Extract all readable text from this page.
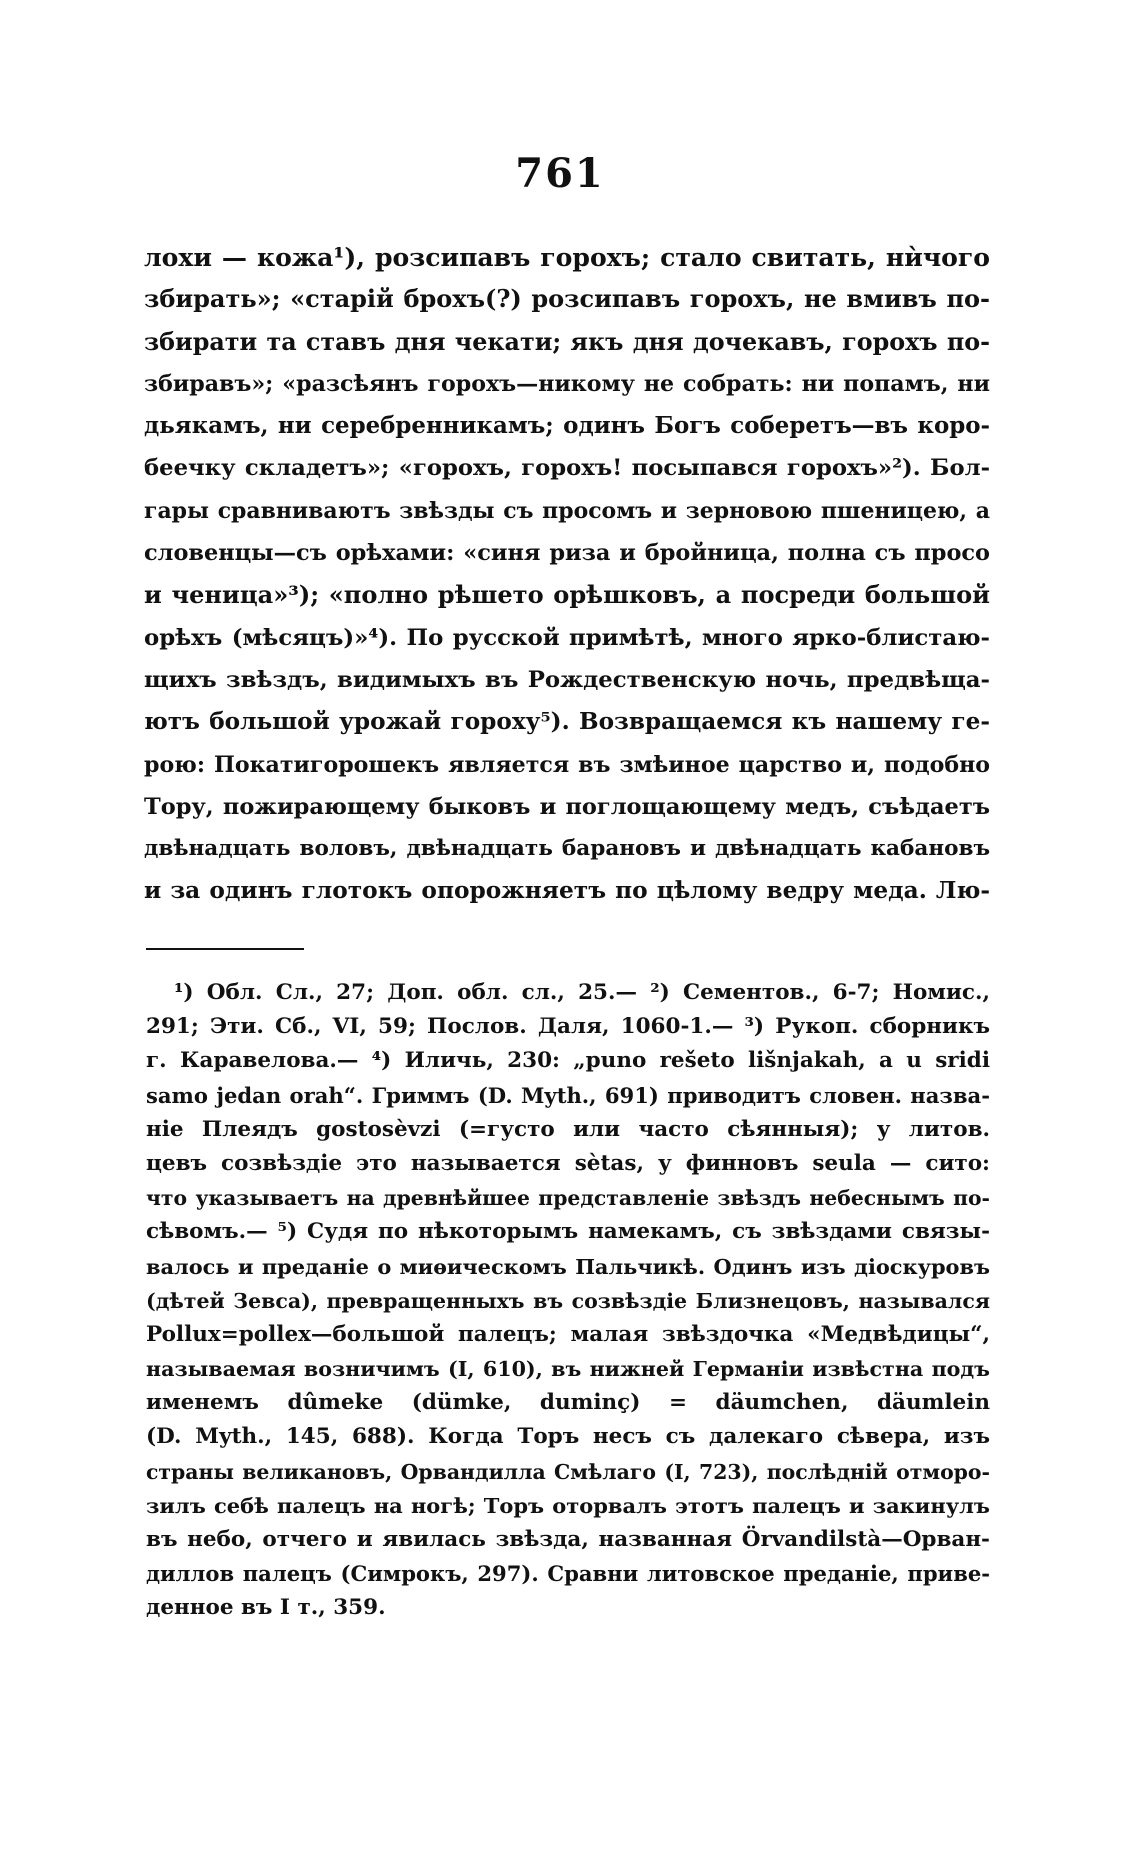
761
лохи — кожа¹), розсипавъ горохъ; стало свитать, нѝчого
збирать»; «старій брохъ(?) розсипавъ горохъ, не вмивъ по-
збирати та ставъ дня чекати; якъ дня дочекавъ, горохъ по-
збиравъ»; «разсѣянъ горохъ—никому не собрать: ни попамъ, ни
дьякамъ, ни серебренникамъ; одинъ Богъ соберетъ—въ коро-
беечку складетъ»; «горохъ, горохъ! посыпався горохъ»²). Бол-
гары сравниваютъ звѣзды съ просомъ и зерновою пшеницею, а
словенцы—съ орѣхами: «синя риза и бройница, полна съ просо
и ченица»³); «полно рѣшето орѣшковъ, а посреди большой
орѣхъ (мѣсяцъ)»⁴). По русской примѣтѣ, много ярко-блистаю-
щихъ звѣздъ, видимыхъ въ Рождественскую ночь, предвѣща-
ютъ большой урожай гороху⁵). Возвращаемся къ нашему ге-
рою: Покатигорошекъ является въ змѣиное царство и, подобно
Тору, пожирающему быковъ и поглощающему медъ, съѣдаетъ
двѣнадцать воловъ, двѣнадцать барановъ и двѣнадцать кабановъ
и за одинъ глотокъ опорожняетъ по цѣлому ведру меда. Лю-
¹) Обл. Сл., 27; Доп. обл. сл., 25.— ²) Сементов., 6-7; Номис.,
291; Эти. Сб., VI, 59; Послов. Даля, 1060-1.— ³) Рукоп. сборникъ
г. Каравелова.— ⁴) Иличь, 230: „puno rešeto lišnjakah, a u sridi
samo jedan orah“. Гриммъ (D. Myth., 691) приводитъ словен. назва-
ніе Плеядъ gostosèvzi (=густо или часто сѣянныя); у литов.
цевъ созвѣздіе это называется sètas, у финновъ seula — сито:
что указываетъ на древнѣйшее представленіе звѣздъ небеснымъ по-
сѣвомъ.— ⁵) Судя по нѣкоторымъ намекамъ, съ звѣздами связы-
валось и преданіе о миѳическомъ Пальчикѣ. Одинъ изъ діоскуровъ
(дѣтей Зевса), превращенныхъ въ созвѣздіе Близнецовъ, назывался
Pollux=pollex—большой палецъ; малая звѣздочка «Медвѣдицы“,
называемая возничимъ (I, 610), въ нижней Германіи извѣстна подъ
именемъ dûmeke (dümke, duminç) = däumchen, däumlein
(D. Myth., 145, 688). Когда Торъ несъ съ далекаго сѣвера, изъ
страны великановъ, Орвандилла Смѣлаго (I, 723), послѣдній отморо-
зилъ себѣ палецъ на ногѣ; Торъ оторвалъ этотъ палецъ и закинулъ
въ небо, отчего и явилась звѣзда, названная Örvandilstà—Орван-
диллов палецъ (Симрокъ, 297). Сравни литовское преданіе, приве-
денное въ I т., 359.
